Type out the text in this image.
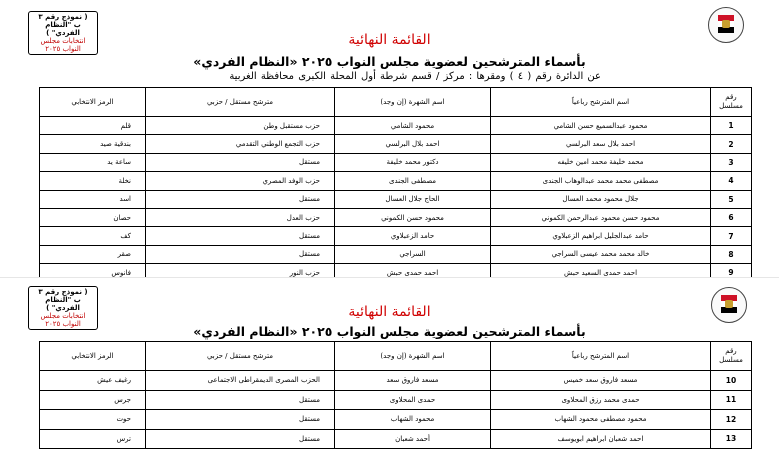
( نموذج رقم ٣ ب "النظام الفردي" )
انتخابات مجلس النواب ٢٠٢٥
القائمة النهائية
بأسماء المترشحين لعضوية مجلس النواب ٢٠٢٥ «النظام الفردي»
عن الدائرة رقم ( ٤ ) ومقرها : مركز / قسم شرطة أول المحلة الكبرى محافظة الغربية
رقم مسلسل	اسم المترشح رباعياً	اسم الشهرة (إن وجد)	مترشح مستقل / حزبي	الرمز الانتخابي
1	محمود عبدالسميع حسن الشامي	محمود الشامي	حزب مستقبل وطن	قلم
2	احمد بلال سعد البرلسي	احمد بلال البرلسي	حزب التجمع الوطني التقدمي	بندقية صيد
3	محمد خليفة محمد امين خليفه	دكتور محمد خليفة	مستقل	ساعة يد
4	مصطفى محمد محمد عبدالوهاب الجندى	مصطفى الجندى	حزب الوفد المصري	نخلة
5	جلال محمود محمد العسال	الحاج جلال العسال	مستقل	اسد
6	محمود حسن محمود عبدالرحمن الكموني	محمود حسن الكموني	حزب العدل	حصان
7	حامد عبدالجليل ابراهيم الزعبلاوي	حامد الزعبلاوي	مستقل	كف
8	خالد محمد محمد عيسى السراجي	السراجي	مستقل	صقر
9	احمد حمدى السعيد حبش	احمد حمدى حبش	حزب النور	فانوس
( نموذج رقم ٣ ب "النظام الفردي" )
انتخابات مجلس النواب ٢٠٢٥
القائمة النهائية
بأسماء المترشحين لعضوية مجلس النواب ٢٠٢٥ «النظام الفردي»
رقم مسلسل	اسم المترشح رباعياً	اسم الشهرة (إن وجد)	مترشح مستقل / حزبي	الرمز الانتخابي
10	مسعد فاروق سعد خميس	مسعد فاروق سعد	الحزب المصرى الديمقراطى الاجتماعى	رغيف عيش
11	حمدى محمد رزق المحلاوى	حمدى المحلاوى	مستقل	جرس
12	محمود مصطفى محمود الشهاب	محمود الشهاب	مستقل	حوت
13	احمد شعبان ابراهيم ابويوسف	أحمد شعبان	مستقل	ترس
